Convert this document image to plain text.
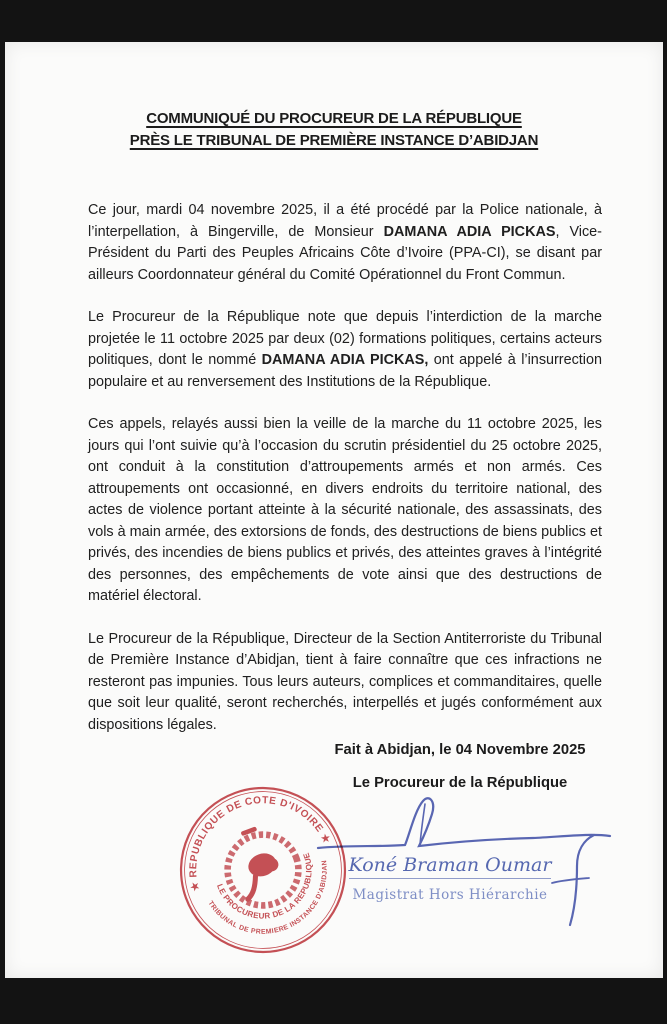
COMMUNIQUÉ DU PROCUREUR DE LA RÉPUBLIQUE
PRÈS LE TRIBUNAL DE PREMIÈRE INSTANCE D’ABIDJAN

Ce jour, mardi 04 novembre 2025, il a été procédé par la Police nationale, à l’interpellation, à Bingerville, de Monsieur DAMANA ADIA PICKAS, Vice-Président du Parti des Peuples Africains Côte d’Ivoire (PPA-CI), se disant par ailleurs Coordonnateur général du Comité Opérationnel du Front Commun.

Le Procureur de la République note que depuis l’interdiction de la marche projetée le 11 octobre 2025 par deux (02) formations politiques, certains acteurs politiques, dont le nommé DAMANA ADIA PICKAS, ont appelé à l’insurrection populaire et au renversement des Institutions de la République.

Ces appels, relayés aussi bien la veille de la marche du 11 octobre 2025, les jours qui l’ont suivie qu’à l’occasion du scrutin présidentiel du 25 octobre 2025, ont conduit à la constitution d’attroupements armés et non armés. Ces attroupements ont occasionné, en divers endroits du territoire national, des actes de violence portant atteinte à la sécurité nationale, des assassinats, des vols à main armée, des extorsions de fonds, des destructions de biens publics et privés, des incendies de biens publics et privés, des atteintes graves à l’intégrité des personnes, des empêchements de vote ainsi que des destructions de matériel électoral.

Le Procureur de la République, Directeur de la Section Antiterroriste du Tribunal de Première Instance d’Abidjan, tient à faire connaître que ces infractions ne resteront pas impunies. Tous leurs auteurs, complices et commanditaires, quelle que soit leur qualité, seront recherchés, interpellés et jugés conformément aux dispositions légales.

Fait à Abidjan, le 04 Novembre 2025
Le Procureur de la République
★ REPUBLIQUE DE COTE D'IVOIRE ★
TRIBUNAL DE PREMIERE INSTANCE D'ABIDJAN
LE PROCUREUR DE LA REPUBLIQUE	Koné Braman Oumar
Magistrat Hors Hiérarchie
